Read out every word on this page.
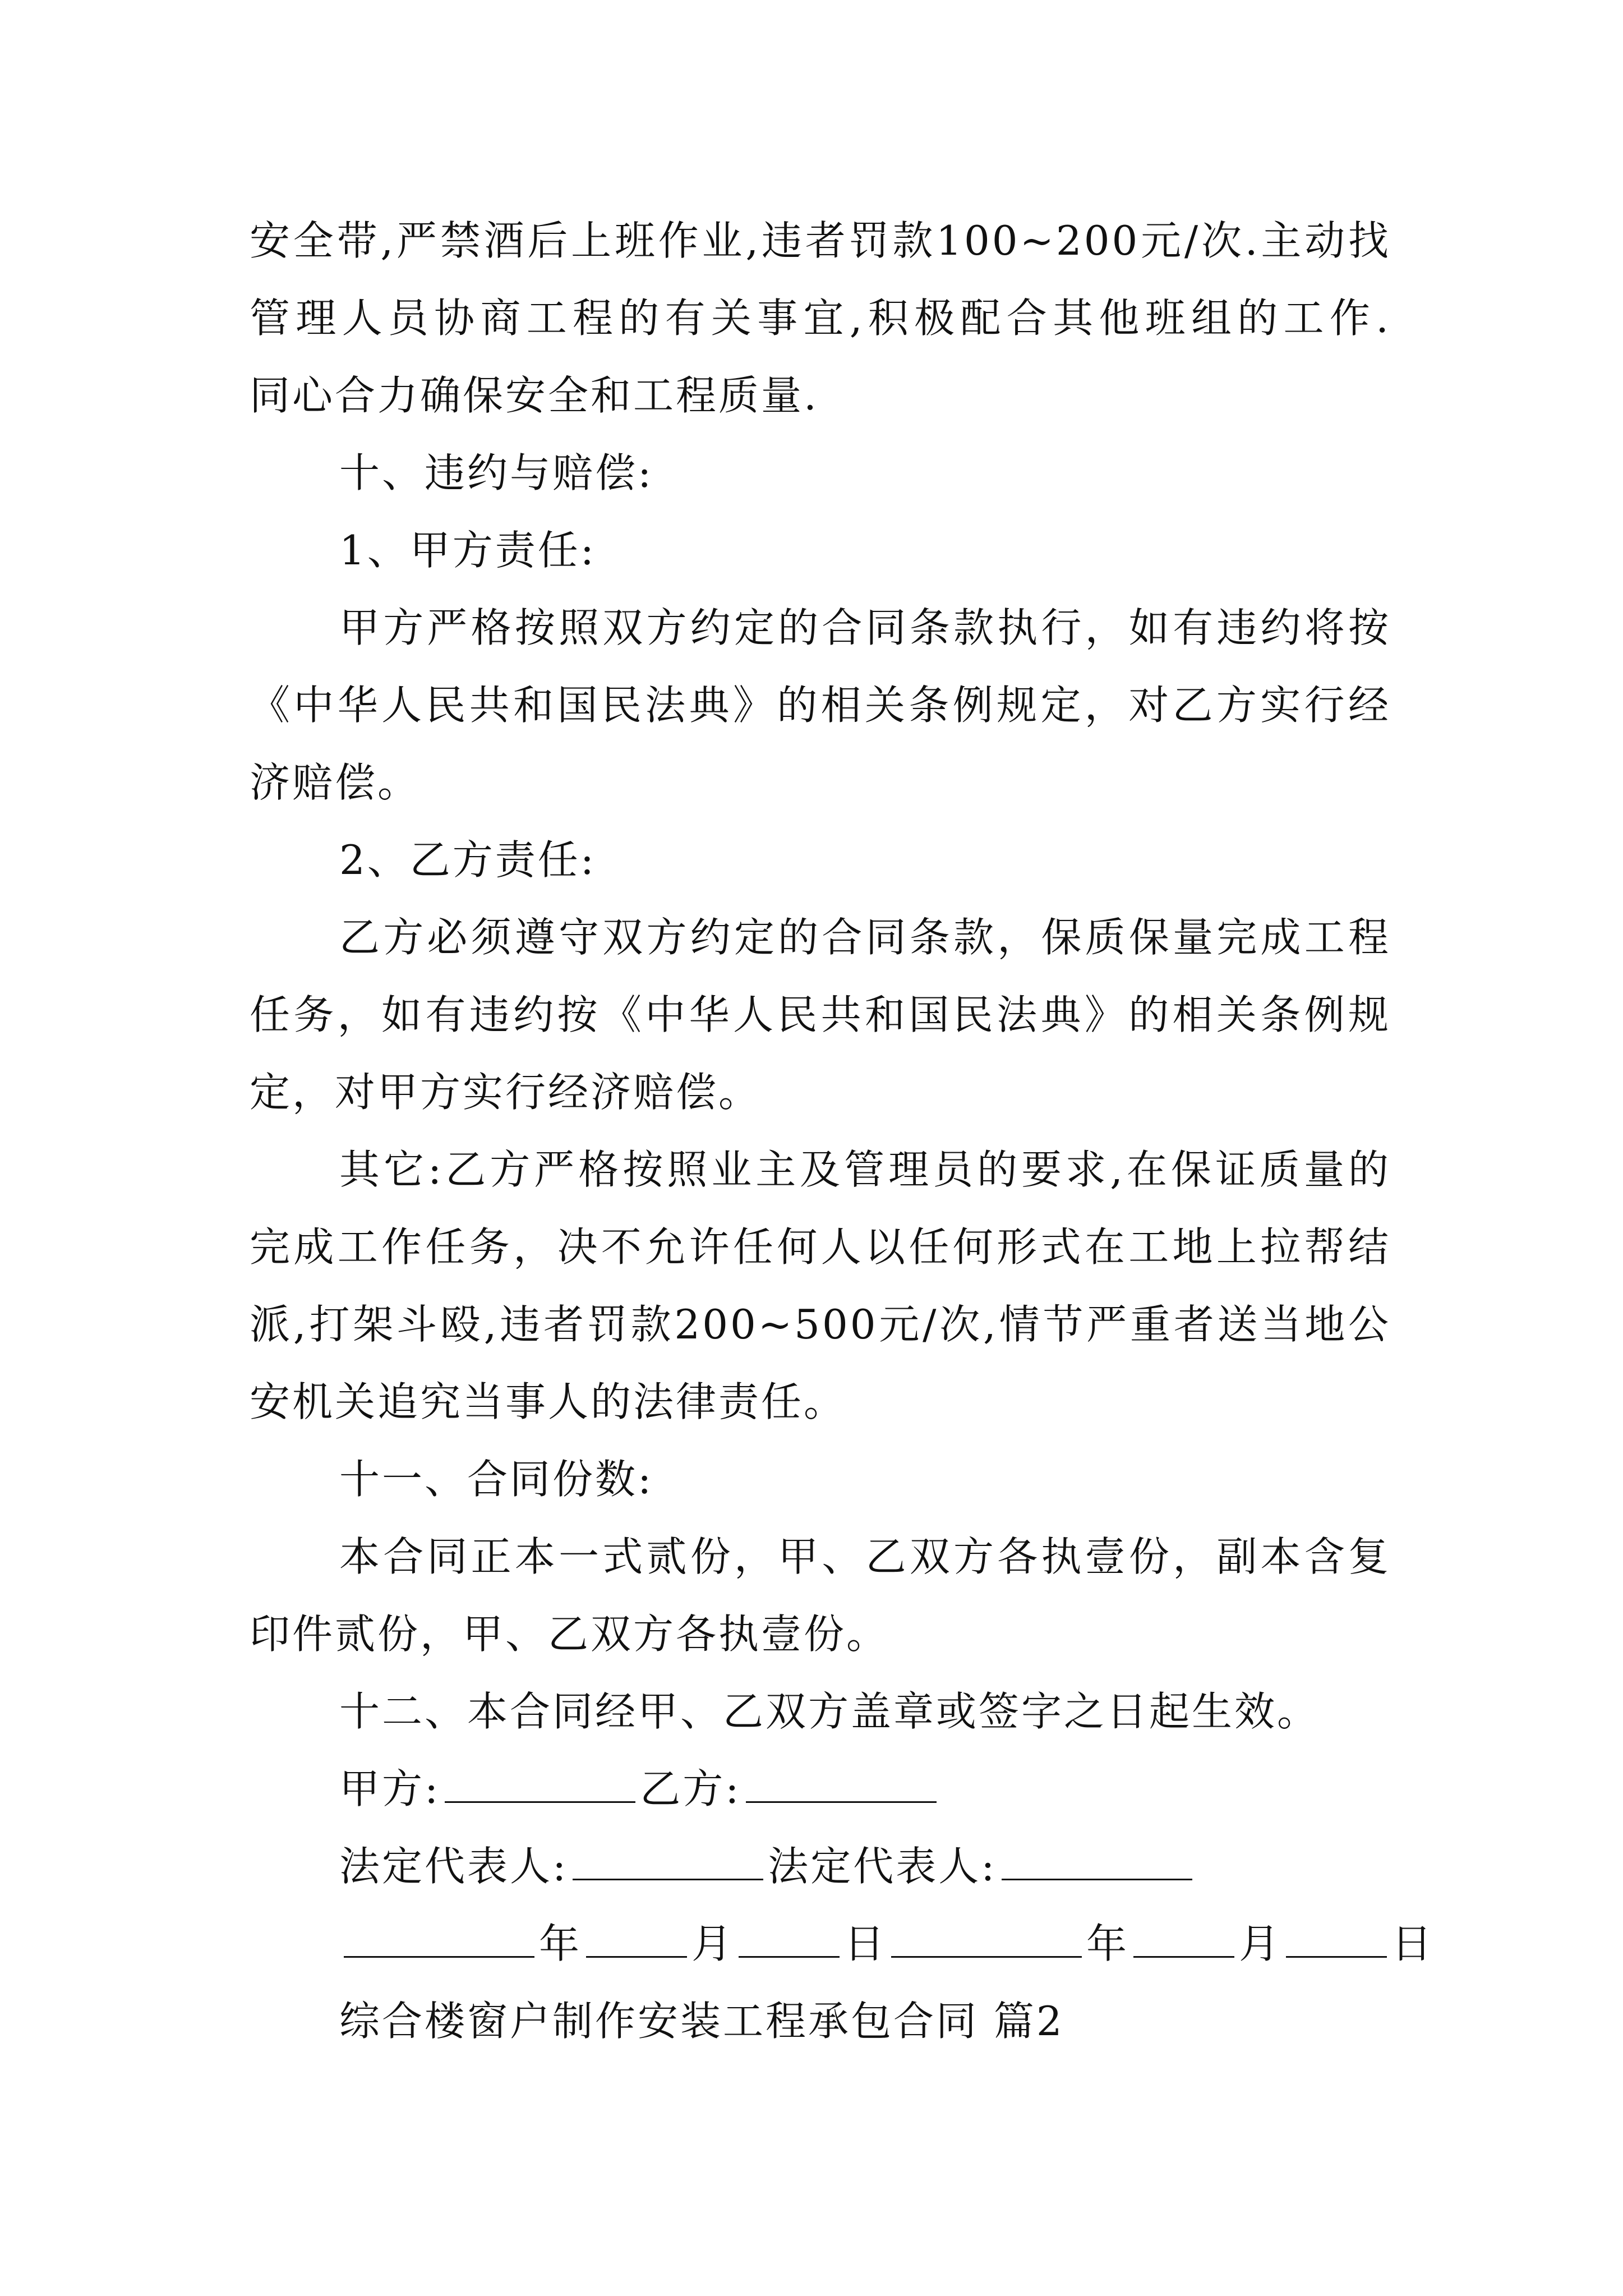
安全带,严禁酒后上班作业,违者罚款100~200元/次.主动找
管理人员协商工程的有关事宜,积极配合其他班组的工作.
同心合力确保安全和工程质量.
十、违约与赔偿:
1、甲方责任:
甲方严格按照双方约定的合同条款执行，如有违约将按
《中华人民共和国民法典》的相关条例规定，对乙方实行经
济赔偿。
2、乙方责任:
乙方必须遵守双方约定的合同条款，保质保量完成工程
任务，如有违约按《中华人民共和国民法典》的相关条例规
定，对甲方实行经济赔偿。
其它:乙方严格按照业主及管理员的要求,在保证质量的
完成工作任务，决不允许任何人以任何形式在工地上拉帮结
派,打架斗殴,违者罚款200~500元/次,情节严重者送当地公
安机关追究当事人的法律责任。
十一、合同份数:
本合同正本一式贰份，甲、乙双方各执壹份，副本含复
印件贰份，甲、乙双方各执壹份。
十二、本合同经甲、乙双方盖章或签字之日起生效。
甲方:	乙方:
法定代表人:	法定代表人:
年	月	日	年	月	日
综合楼窗户制作安装工程承包合同 篇2
